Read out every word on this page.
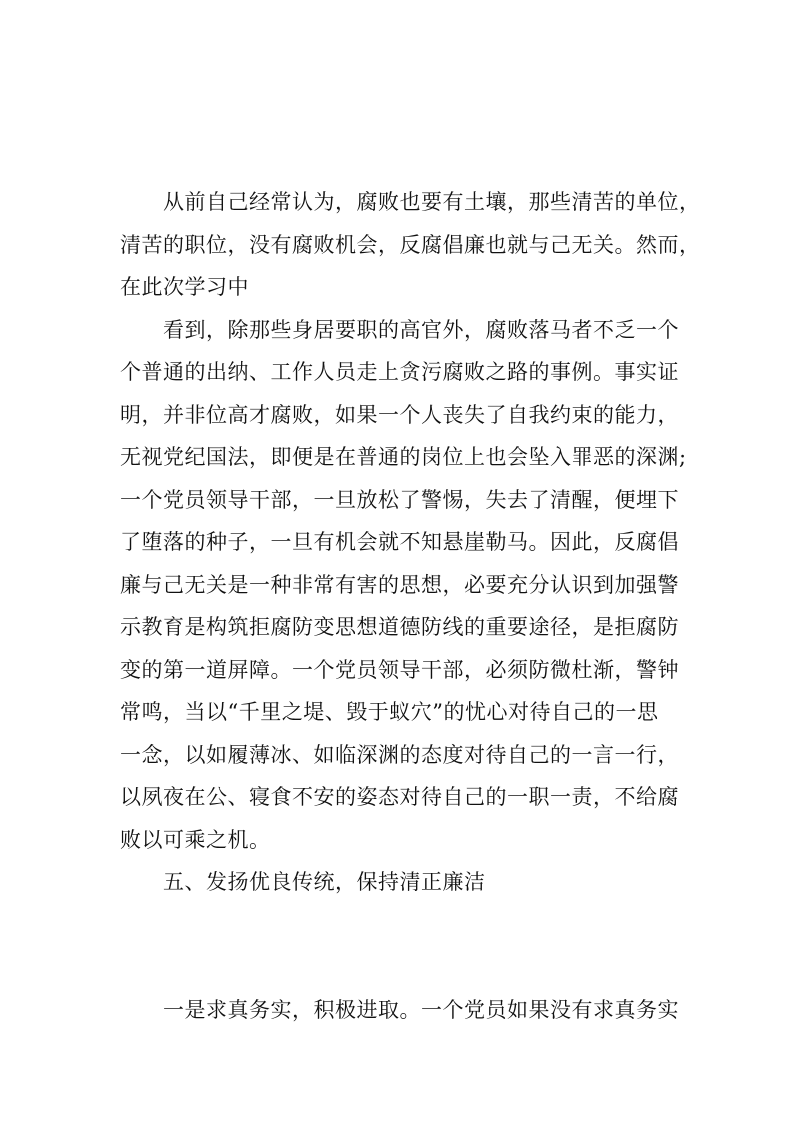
从前自己经常认为，腐败也要有土壤，那些清苦的单位，
清苦的职位，没有腐败机会，反腐倡廉也就与己无关。然而，
在此次学习中
看到，除那些身居要职的高官外，腐败落马者不乏一个
个普通的出纳、工作人员走上贪污腐败之路的事例。事实证
明，并非位高才腐败，如果一个人丧失了自我约束的能力，
无视党纪国法，即便是在普通的岗位上也会坠入罪恶的深渊;
一个党员领导干部，一旦放松了警惕，失去了清醒，便埋下
了堕落的种子，一旦有机会就不知悬崖勒马。因此，反腐倡
廉与己无关是一种非常有害的思想，必要充分认识到加强警
示教育是构筑拒腐防变思想道德防线的重要途径，是拒腐防
变的第一道屏障。一个党员领导干部，必须防微杜渐，警钟
常鸣，当以“千里之堤、毁于蚁穴”的忧心对待自己的一思
一念，以如履薄冰、如临深渊的态度对待自己的一言一行，
以夙夜在公、寝食不安的姿态对待自己的一职一责，不给腐
败以可乘之机。
五、发扬优良传统，保持清正廉洁
一是求真务实，积极进取。一个党员如果没有求真务实
